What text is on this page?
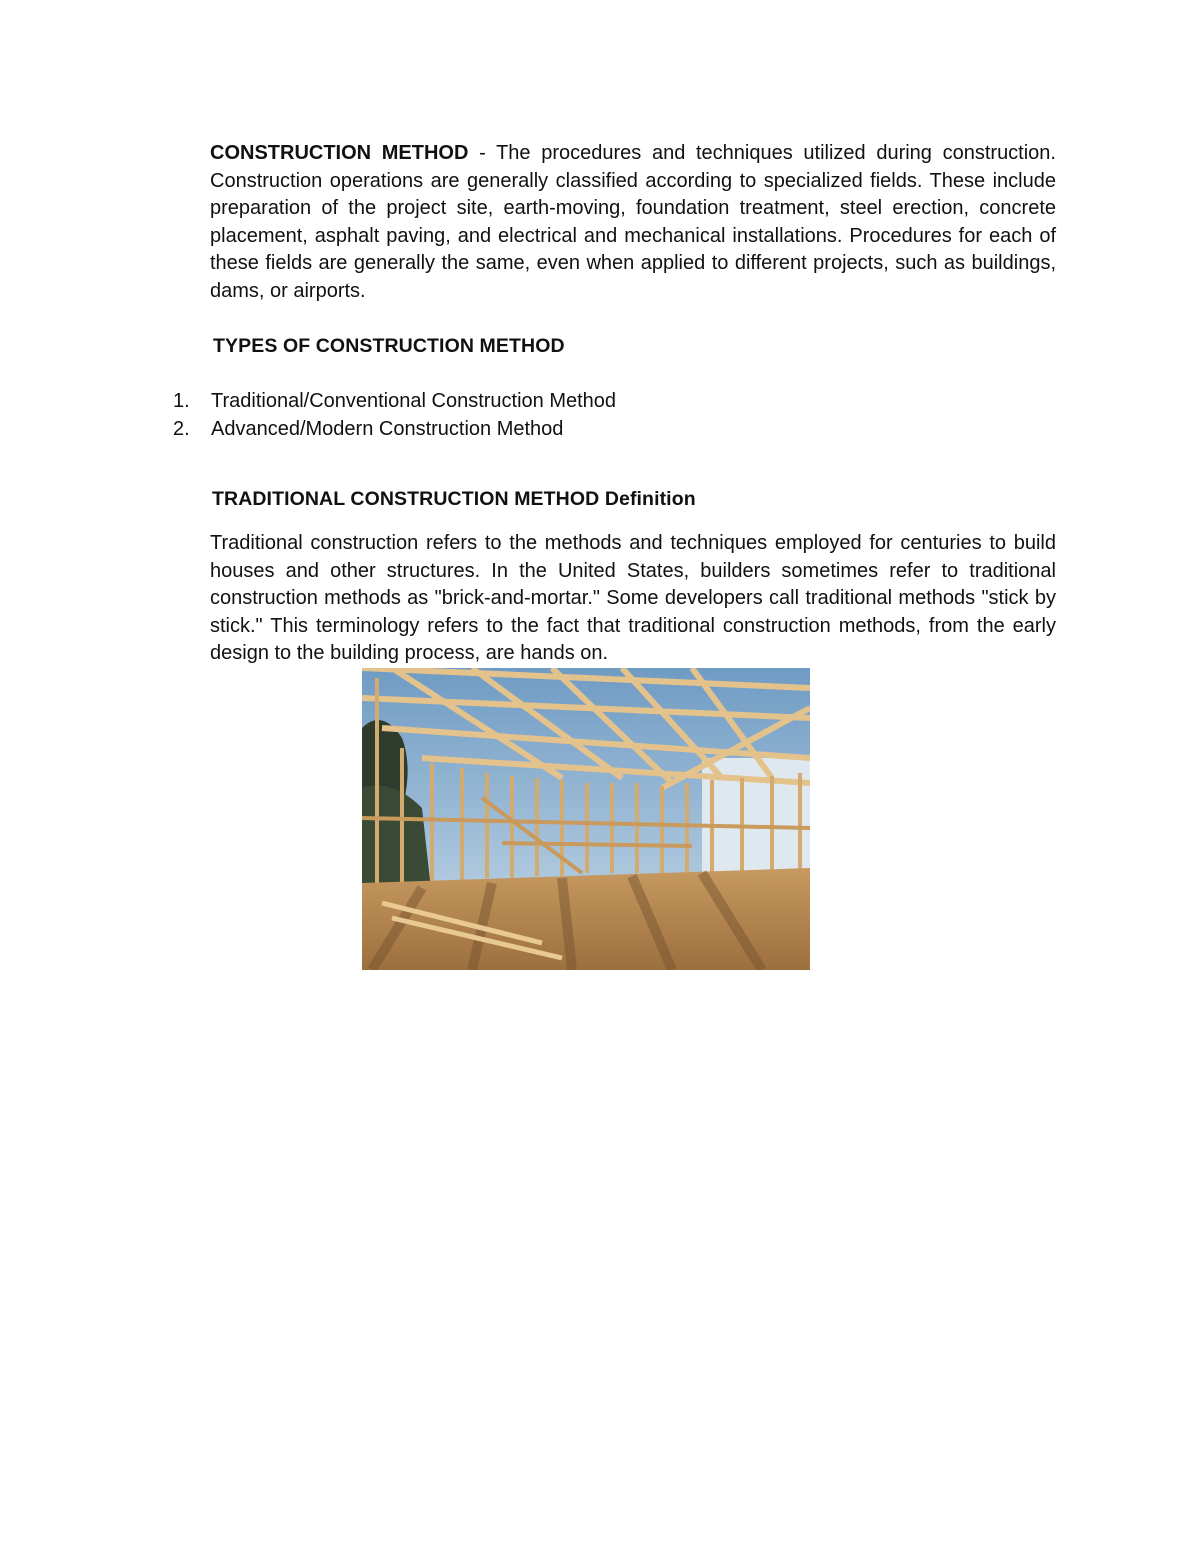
CONSTRUCTION METHOD - The procedures and techniques utilized during construction. Construction operations are generally classified according to specialized fields. These include preparation of the project site, earth-moving, foundation treatment, steel erection, concrete placement, asphalt paving, and electrical and mechanical installations. Procedures for each of these fields are generally the same, even when applied to different projects, such as buildings, dams, or airports.

TYPES OF CONSTRUCTION METHOD
1.	Traditional/Conventional Construction Method
2.	Advanced/Modern Construction Method
TRADITIONAL CONSTRUCTION METHOD Definition

Traditional construction refers to the methods and techniques employed for centuries to build houses and other structures. In the United States, builders sometimes refer to traditional construction methods as "brick-and-mortar." Some developers call traditional methods "stick by stick." This terminology refers to the fact that traditional construction methods, from the early design to the building process, are hands on.
